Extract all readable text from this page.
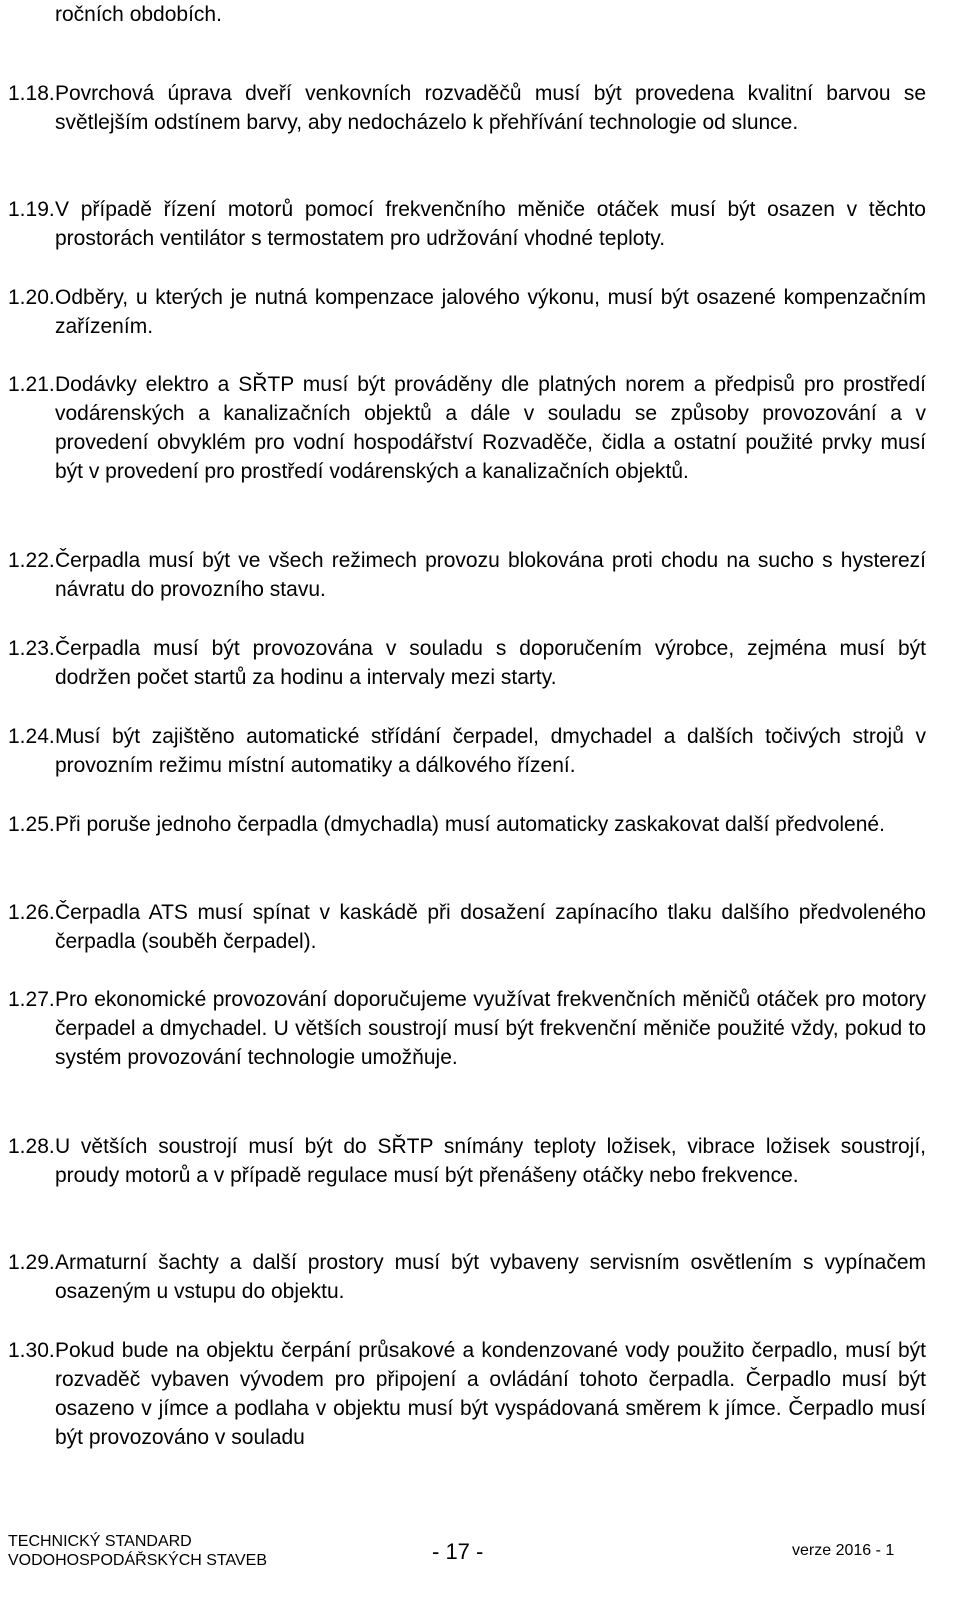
ročních obdobích.
1.18. Povrchová úprava dveří venkovních rozvaděčů musí být provedena kvalitní barvou se světlejším odstínem barvy, aby nedocházelo k přehřívání technologie od slunce.
1.19. V případě řízení motorů pomocí frekvenčního měniče otáček musí být osazen v těchto prostorách ventilátor s termostatem pro udržování vhodné teploty.
1.20. Odběry, u kterých je nutná kompenzace jalového výkonu, musí být osazené kompenzačním zařízením.
1.21. Dodávky elektro a SŘTP musí být prováděny dle platných norem a předpisů pro prostředí vodárenských a kanalizačních objektů a dále v souladu se způsoby provozování a v provedení obvyklém pro vodní hospodářství Rozvaděče, čidla a ostatní použité prvky musí být v provedení pro prostředí vodárenských a kanalizačních objektů.
1.22. Čerpadla musí být ve všech režimech provozu blokována proti chodu na sucho s hysterezí návratu do provozního stavu.
1.23. Čerpadla musí být provozována v souladu s doporučením výrobce, zejména musí být dodržen počet startů za hodinu a intervaly mezi starty.
1.24. Musí být zajištěno automatické střídání čerpadel, dmychadel a dalších točivých strojů v provozním režimu místní automatiky a dálkového řízení.
1.25. Při poruše jednoho čerpadla (dmychadla) musí automaticky zaskakovat další předvolené.
1.26. Čerpadla ATS musí spínat v kaskádě při dosažení zapínacího tlaku dalšího předvoleného čerpadla (souběh čerpadel).
1.27. Pro ekonomické provozování doporučujeme využívat frekvenčních měničů otáček pro motory čerpadel a dmychadel. U větších soustrojí musí být frekvenční měniče použité vždy, pokud to systém provozování technologie umožňuje.
1.28. U větších soustrojí musí být do SŘTP snímány teploty ložisek, vibrace ložisek soustrojí, proudy motorů a v případě regulace musí být přenášeny otáčky nebo frekvence.
1.29. Armaturní šachty a další prostory musí být vybaveny servisním osvětlením s vypínačem osazeným u vstupu do objektu.
1.30. Pokud bude na objektu čerpání průsakové a kondenzované vody použito čerpadlo, musí být rozvaděč vybaven vývodem pro připojení a ovládání tohoto čerpadla. Čerpadlo musí být osazeno v jímce a podlaha v objektu musí být vyspádovaná směrem k jímce. Čerpadlo musí být provozováno v souladu
TECHNICKÝ STANDARD
VODOHOSPODÁŘSKÝCH STAVEB	- 17 -	verze 2016 - 1
